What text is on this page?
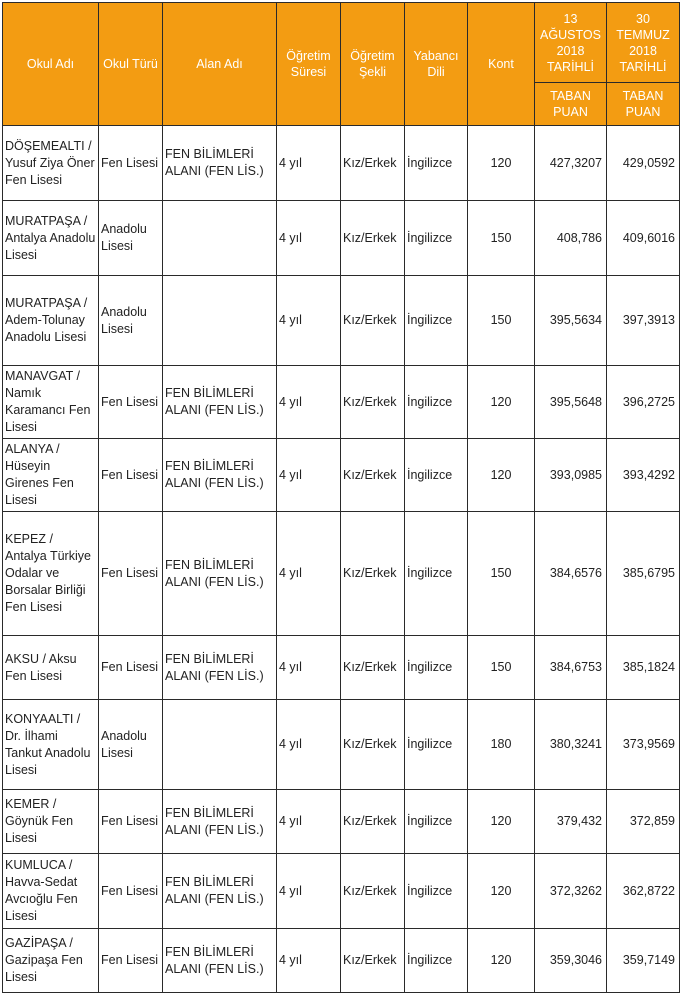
Okul Adı	Okul Türü	Alan Adı	Öğretim Süresi	Öğretim Şekli	Yabancı Dili	Kont	13 AĞUSTOS 2018 TARİHLİ	30 TEMMUZ 2018 TARİHLİ
							TABAN PUAN	TABAN PUAN
DÖŞEMEALTI / Yusuf Ziya Öner Fen Lisesi	Fen Lisesi	FEN BİLİMLERİ ALANI (FEN LİS.)	4 yıl	Kız/Erkek	İngilizce	120	427,3207	429,0592
MURATPAŞA / Antalya Anadolu Lisesi	Anadolu Lisesi		4 yıl	Kız/Erkek	İngilizce	150	408,786	409,6016
MURATPAŞA / Adem-Tolunay Anadolu Lisesi	Anadolu Lisesi		4 yıl	Kız/Erkek	İngilizce	150	395,5634	397,3913
MANAVGAT / Namık Karamancı Fen Lisesi	Fen Lisesi	FEN BİLİMLERİ ALANI (FEN LİS.)	4 yıl	Kız/Erkek	İngilizce	120	395,5648	396,2725
ALANYA / Hüseyin Girenes Fen Lisesi	Fen Lisesi	FEN BİLİMLERİ ALANI (FEN LİS.)	4 yıl	Kız/Erkek	İngilizce	120	393,0985	393,4292
KEPEZ / Antalya Türkiye Odalar ve Borsalar Birliği Fen Lisesi	Fen Lisesi	FEN BİLİMLERİ ALANI (FEN LİS.)	4 yıl	Kız/Erkek	İngilizce	150	384,6576	385,6795
AKSU / Aksu Fen Lisesi	Fen Lisesi	FEN BİLİMLERİ ALANI (FEN LİS.)	4 yıl	Kız/Erkek	İngilizce	150	384,6753	385,1824
KONYAALTI / Dr. İlhami Tankut Anadolu Lisesi	Anadolu Lisesi		4 yıl	Kız/Erkek	İngilizce	180	380,3241	373,9569
KEMER / Göynük Fen Lisesi	Fen Lisesi	FEN BİLİMLERİ ALANI (FEN LİS.)	4 yıl	Kız/Erkek	İngilizce	120	379,432	372,859
KUMLUCA / Havva-Sedat Avcıoğlu Fen Lisesi	Fen Lisesi	FEN BİLİMLERİ ALANI (FEN LİS.)	4 yıl	Kız/Erkek	İngilizce	120	372,3262	362,8722
GAZİPAŞA / Gazipaşa Fen Lisesi	Fen Lisesi	FEN BİLİMLERİ ALANI (FEN LİS.)	4 yıl	Kız/Erkek	İngilizce	120	359,3046	359,7149
